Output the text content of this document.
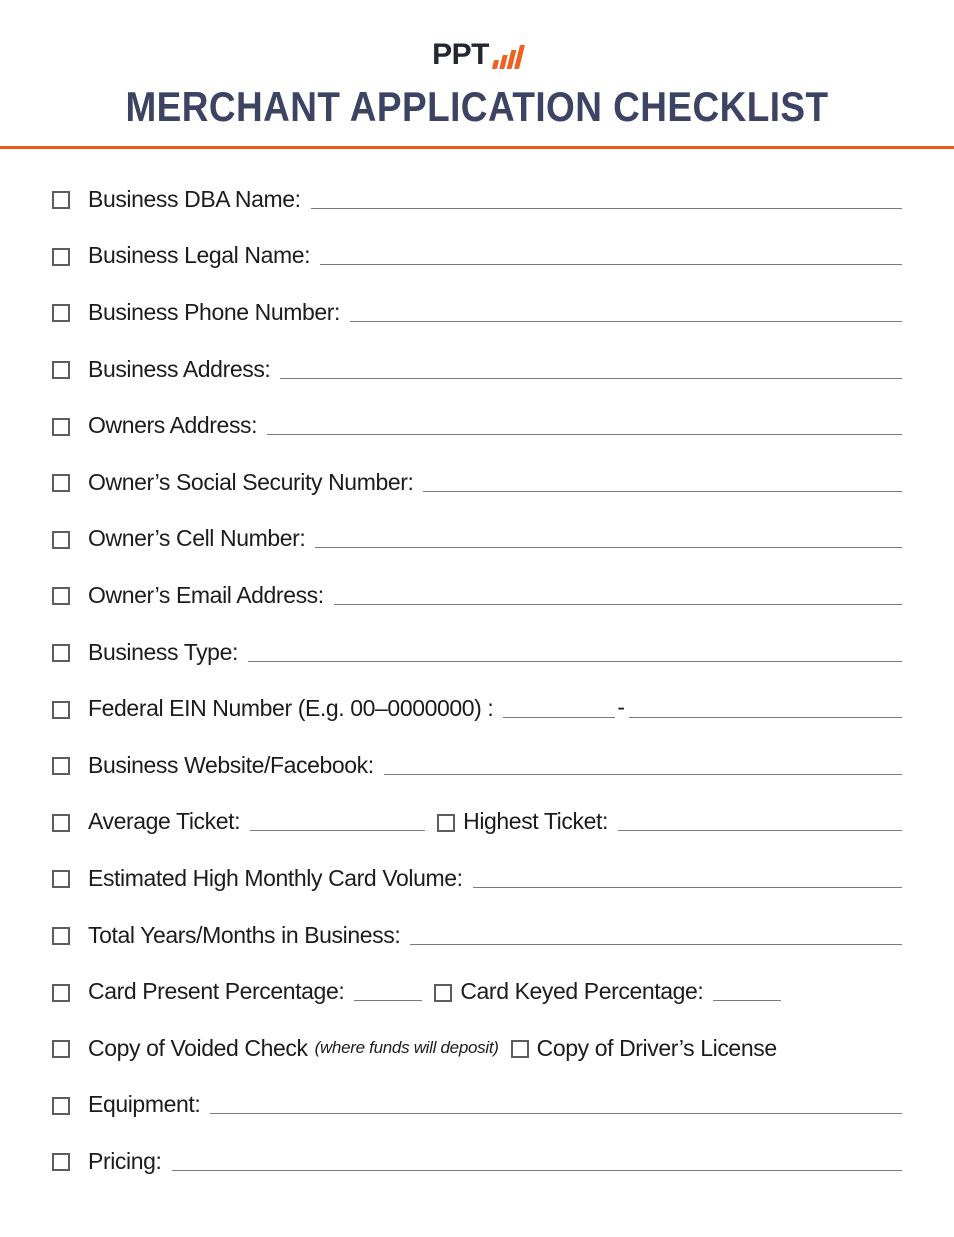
PPT
MERCHANT APPLICATION CHECKLIST
Business DBA Name:
Business Legal Name:
Business Phone Number:
Business Address:
Owners Address:
Owner’s Social Security Number:
Owner’s Cell Number:
Owner’s Email Address:
Business Type:
Federal EIN Number (E.g. 00–0000000) :	-
Business Website/Facebook:
Average Ticket:	Highest Ticket:
Estimated High Monthly Card Volume:
Total Years/Months in Business:
Card Present Percentage:	Card Keyed Percentage:
Copy of Voided Check (where funds will deposit) Copy of Driver’s License
Equipment:
Pricing:
